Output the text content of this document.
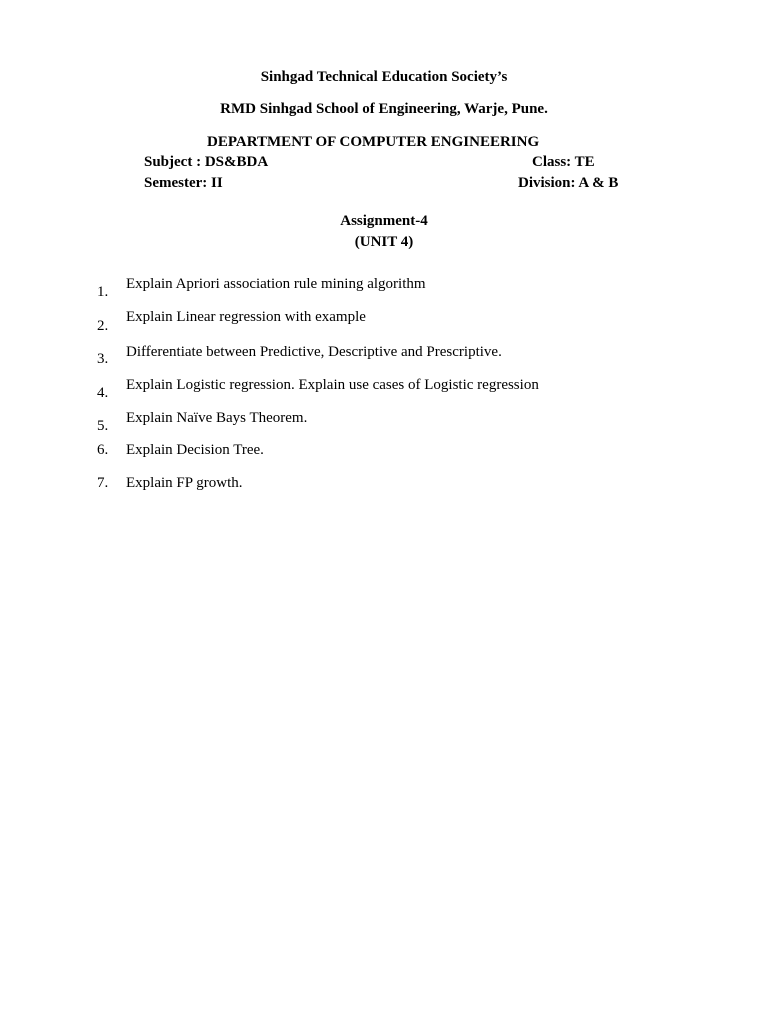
Sinhgad Technical Education Society’s
RMD Sinhgad School of Engineering, Warje, Pune.
DEPARTMENT OF COMPUTER ENGINEERING
Subject : DS&BDA	Class: TE
Semester: II	Division: A & B
Assignment-4
(UNIT 4)
1. Explain Apriori association rule mining algorithm
2.
Explain Linear regression with example
3. Differentiate between Predictive, Descriptive and Prescriptive.
4. Explain Logistic regression. Explain use cases of Logistic regression
5. Explain Naïve Bays Theorem.
6. Explain Decision Tree.
7. Explain FP growth.
